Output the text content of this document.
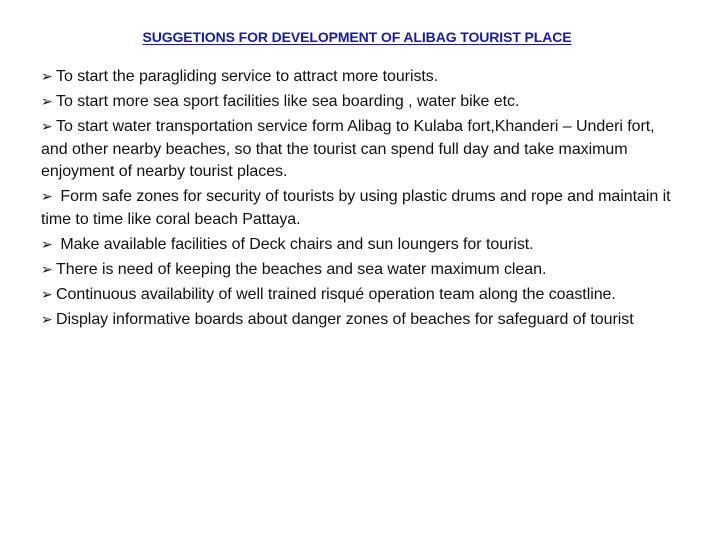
SUGGETIONS FOR DEVELOPMENT OF ALIBAG TOURIST PLACE
➢ To start the paragliding service to attract more tourists.
➢ To start more sea sport facilities like sea boarding , water bike etc.
➢ To start water transportation service form Alibag to Kulaba fort,Khanderi – Underi fort, and other nearby beaches, so that the tourist can spend full day and take maximum enjoyment of nearby tourist places.
➢ Form safe zones for security of tourists by using plastic drums and rope and maintain it time to time like coral beach Pattaya.
➢ Make available facilities of Deck chairs and sun loungers for tourist.
➢ There is need of keeping the beaches and sea water maximum clean.
➢ Continuous availability of well trained risqué operation team along the coastline.
➢ Display informative boards about danger zones of beaches for safeguard of tourist
